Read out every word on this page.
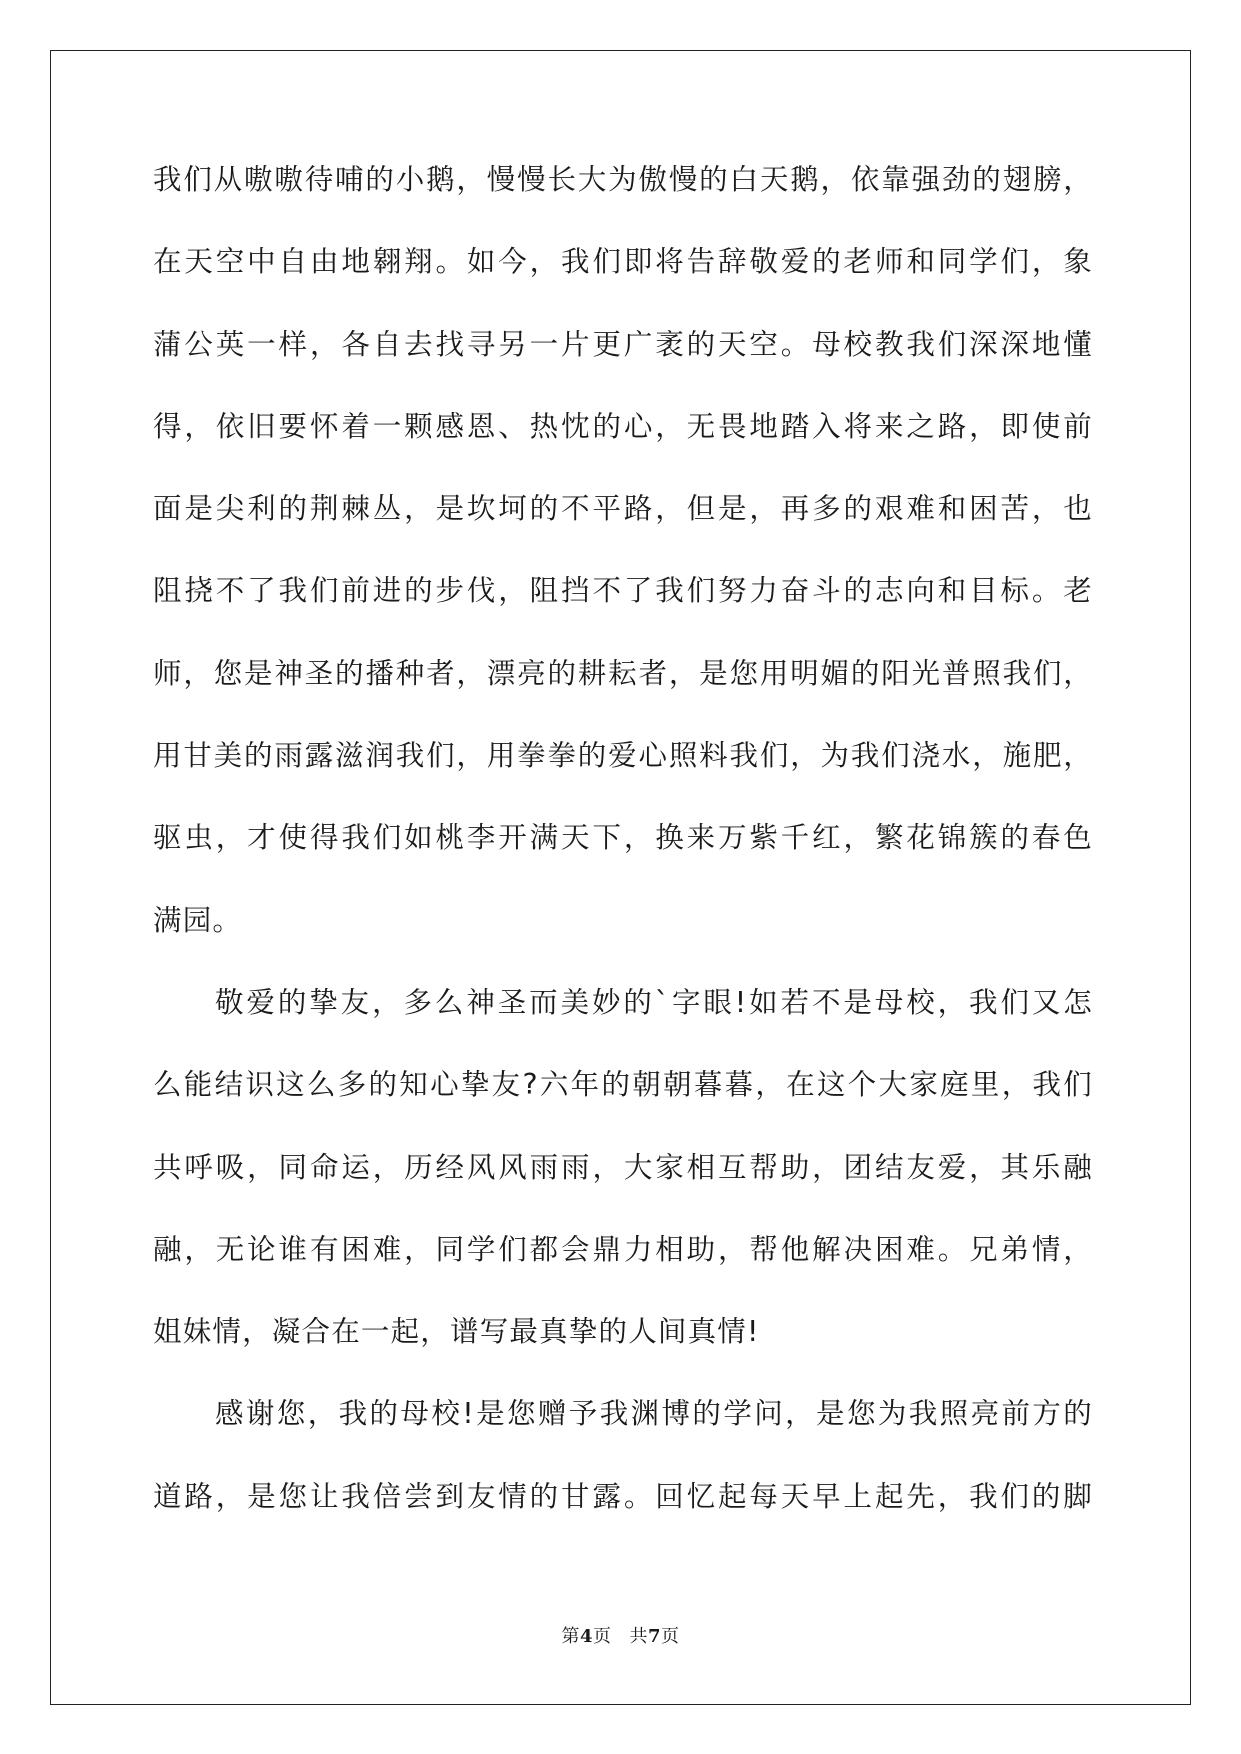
我们从嗷嗷待哺的小鹅，慢慢长大为傲慢的白天鹅，依靠强劲的翅膀，
在天空中自由地翱翔。如今，我们即将告辞敬爱的老师和同学们，象
蒲公英一样，各自去找寻另一片更广袤的天空。母校教我们深深地懂
得，依旧要怀着一颗感恩、热忱的心，无畏地踏入将来之路，即使前
面是尖利的荆棘丛，是坎坷的不平路，但是，再多的艰难和困苦，也
阻挠不了我们前进的步伐，阻挡不了我们努力奋斗的志向和目标。老
师，您是神圣的播种者，漂亮的耕耘者，是您用明媚的阳光普照我们，
用甘美的雨露滋润我们，用拳拳的爱心照料我们，为我们浇水，施肥，
驱虫，才使得我们如桃李开满天下，换来万紫千红，繁花锦簇的春色
满园。
敬爱的挚友，多么神圣而美妙的`字眼!如若不是母校，我们又怎
么能结识这么多的知心挚友?六年的朝朝暮暮，在这个大家庭里，我们
共呼吸，同命运，历经风风雨雨，大家相互帮助，团结友爱，其乐融
融，无论谁有困难，同学们都会鼎力相助，帮他解决困难。兄弟情，
姐妹情，凝合在一起，谱写最真挚的人间真情!
感谢您，我的母校!是您赠予我渊博的学问，是您为我照亮前方的
道路，是您让我倍尝到友情的甘露。回忆起每天早上起先，我们的脚
第4页 共7页
